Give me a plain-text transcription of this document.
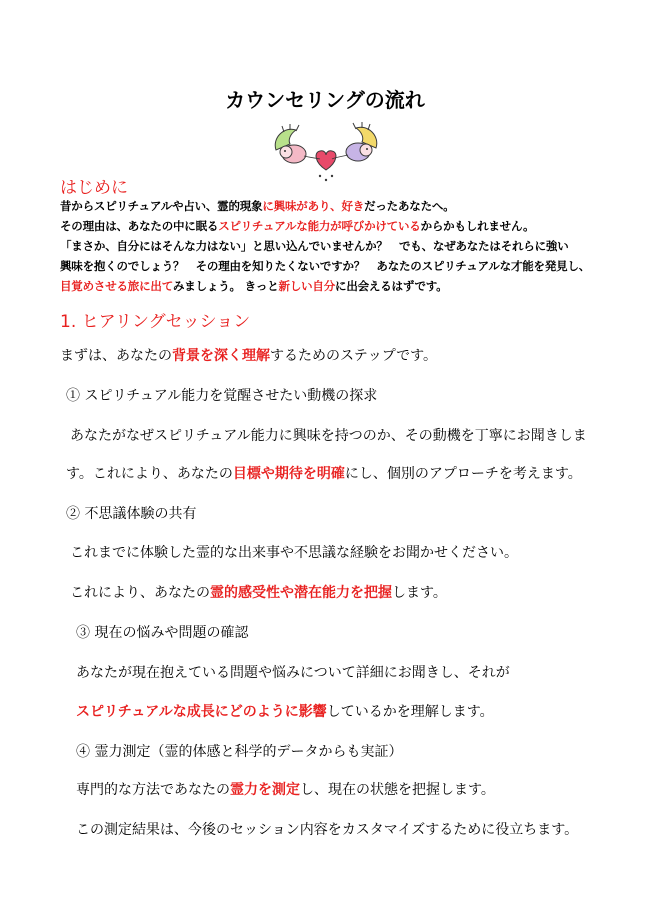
カウンセリングの流れ
はじめに
昔からスピリチュアルや占い、霊的現象に興味があり、好きだったあなたへ。
その理由は、あなたの中に眠るスピリチュアルな能力が呼びかけているからかもしれません。
「まさか、自分にはそんな力はない」と思い込んでいませんか？　でも、なぜあなたはそれらに強い
興味を抱くのでしょう？　その理由を知りたくないですか？　あなたのスピリチュアルな才能を発見し、
目覚めさせる旅に出てみましょう。 きっと新しい自分に出会えるはずです。
1. ヒアリングセッション
まずは、あなたの背景を深く理解するためのステップです。
① スピリチュアル能力を覚醒させたい動機の探求
あなたがなぜスピリチュアル能力に興味を持つのか、その動機を丁寧にお聞きしま
す。これにより、あなたの目標や期待を明確にし、個別のアプローチを考えます。
② 不思議体験の共有
これまでに体験した霊的な出来事や不思議な経験をお聞かせください。
これにより、あなたの霊的感受性や潜在能力を把握します。
③ 現在の悩みや問題の確認
あなたが現在抱えている問題や悩みについて詳細にお聞きし、それが
スピリチュアルな成長にどのように影響しているかを理解します。
④ 霊力測定（霊的体感と科学的データからも実証）
専門的な方法であなたの霊力を測定し、現在の状態を把握します。
この測定結果は、今後のセッション内容をカスタマイズするために役立ちます。
